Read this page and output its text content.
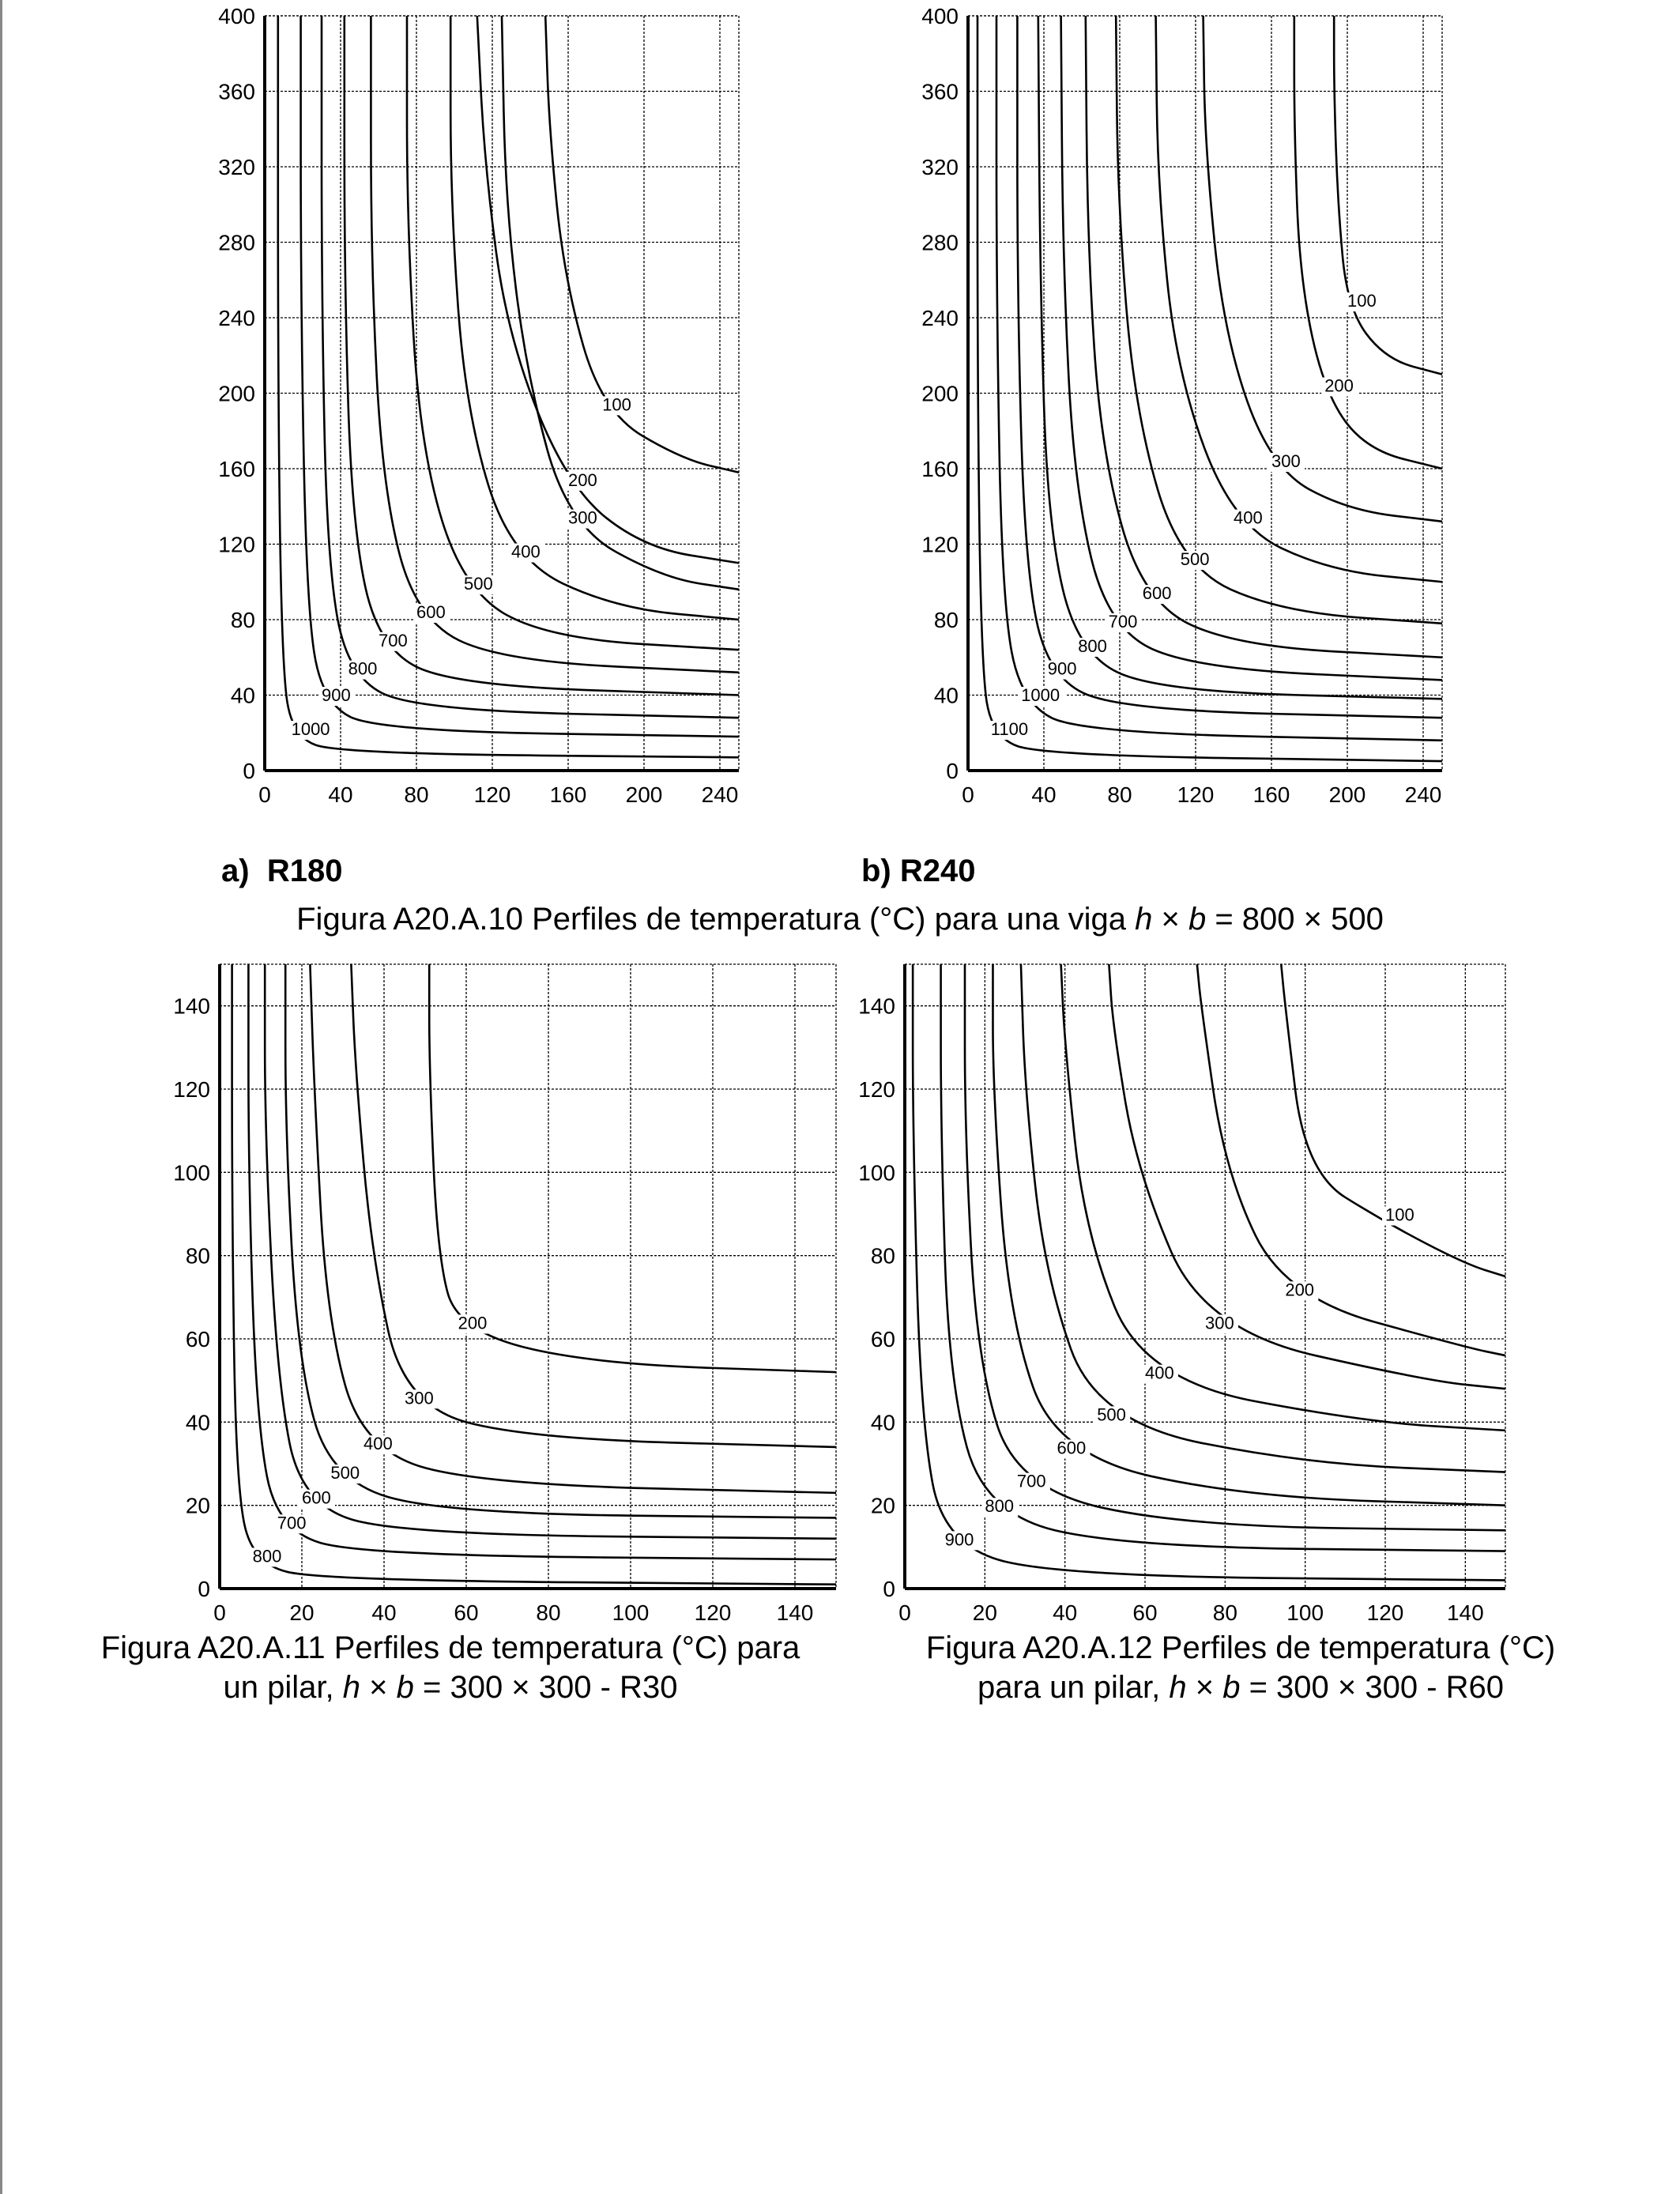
0	40 80 120 160 200 240
0
40
80
120
160
200
240
280
320
360
400
1000
900
800
700
600
500
400
300
200
100
0	40 80 120 160 200 240
0
40
80
120
160
200
240
280
320
360
400
1100
1000
900
800
700
600
500
400
300
200
100
0	20	40	60	80 100 120 140
0
20
40
60
80
100
120
140
800
700
600
500
400
300
200
0	20	40	60	80 100 120 140
0
20
40
60
80
100
120
140
900
800
700
600
500
400
300
200
100
a) R180	b) R240
Figura A20.A.10 Perfiles de temperatura (°C) para una viga h × b = 800 × 500
Figura A20.A.11 Perfiles de temperatura (°C) para
un pilar, h × b = 300 × 300 - R30
Figura A20.A.12 Perfiles de temperatura (°C)
para un pilar, h × b = 300 × 300 - R60
